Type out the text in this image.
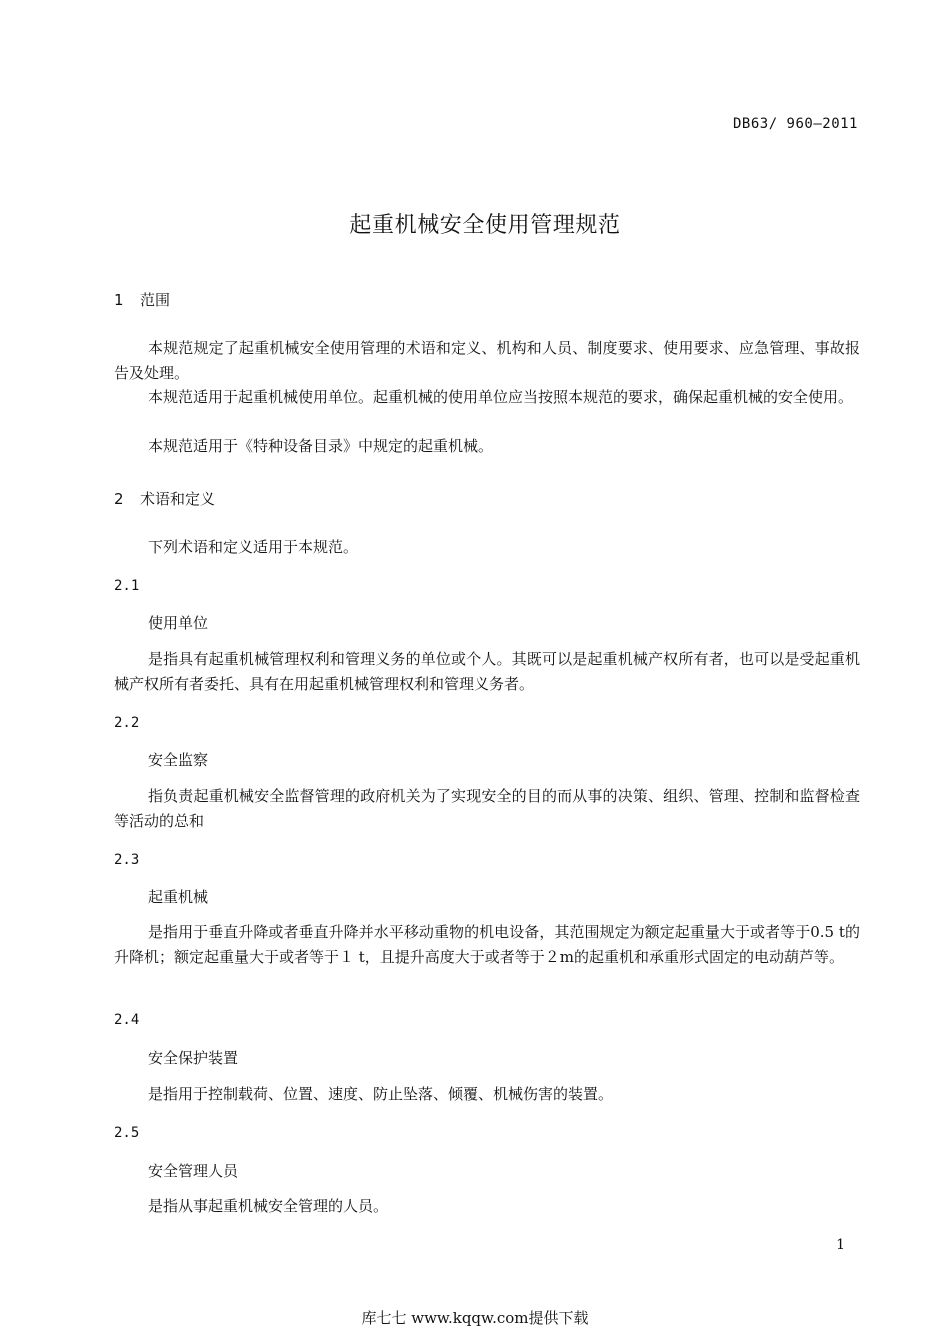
DB63/ 960—2011
起重机械安全使用管理规范
1 范围
本规范规定了起重机械安全使用管理的术语和定义、机构和人员、制度要求、使用要求、应急管理、事故报告及处理。
本规范适用于起重机械使用单位。起重机械的使用单位应当按照本规范的要求，确保起重机械的安全使用。
本规范适用于《特种设备目录》中规定的起重机械。
2 术语和定义
下列术语和定义适用于本规范。
2.1
使用单位
是指具有起重机械管理权利和管理义务的单位或个人。其既可以是起重机械产权所有者，也可以是受起重机械产权所有者委托、具有在用起重机械管理权利和管理义务者。
2.2
安全监察
指负责起重机械安全监督管理的政府机关为了实现安全的目的而从事的决策、组织、管理、控制和监督检查等活动的总和
2.3
起重机械
是指用于垂直升降或者垂直升降并水平移动重物的机电设备，其范围规定为额定起重量大于或者等于0.5 t的升降机；额定起重量大于或者等于１ t，且提升高度大于或者等于２m的起重机和承重形式固定的电动葫芦等。
2.4
安全保护装置
是指用于控制载荷、位置、速度、防止坠落、倾覆、机械伤害的装置。
2.5
安全管理人员
是指从事起重机械安全管理的人员。
1
库七七 www.kqqw.com提供下载
